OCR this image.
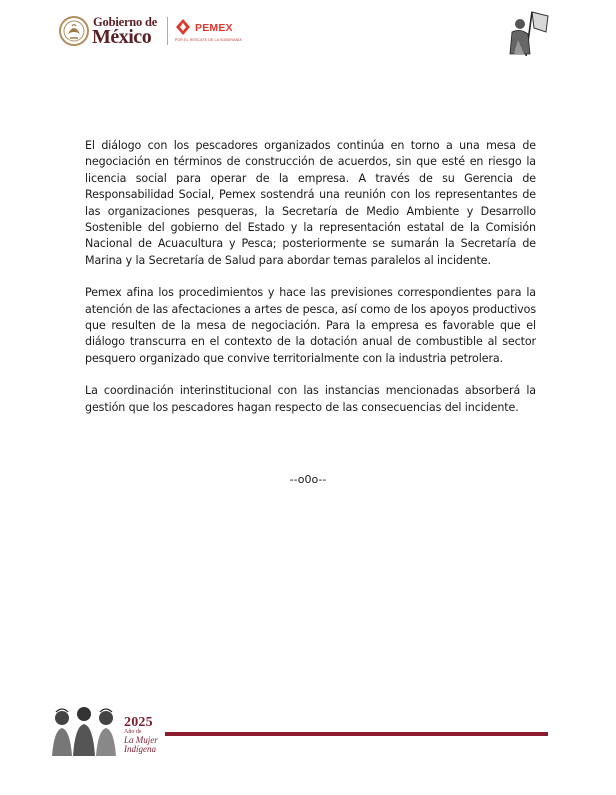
Gobierno de
México	PEMEX
POR EL RESCATE DE LA SOBERANÍA

El diálogo con los pescadores organizados continúa en torno a una mesa de negociación en términos de construcción de acuerdos, sin que esté en riesgo la licencia social para operar de la empresa. A través de su Gerencia de Responsabilidad Social, Pemex sostendrá una reunión con los representantes de las organizaciones pesqueras, la Secretaría de Medio Ambiente y Desarrollo Sostenible del gobierno del Estado y la representación estatal de la Comisión Nacional de Acuacultura y Pesca; posteriormente se sumarán la Secretaría de Marina y la Secretaría de Salud para abordar temas paralelos al incidente.

Pemex afina los procedimientos y hace las previsiones correspondientes para la atención de las afectaciones a artes de pesca, así como de los apoyos productivos que resulten de la mesa de negociación. Para la empresa es favorable que el diálogo transcurra en el contexto de la dotación anual de combustible al sector pesquero organizado que convive territorialmente con la industria petrolera.

La coordinación interinstitucional con las instancias mencionadas absorberá la gestión que los pescadores hagan respecto de las consecuencias del incidente.

--o0o--
2025
Año de
La Mujer
Indígena
